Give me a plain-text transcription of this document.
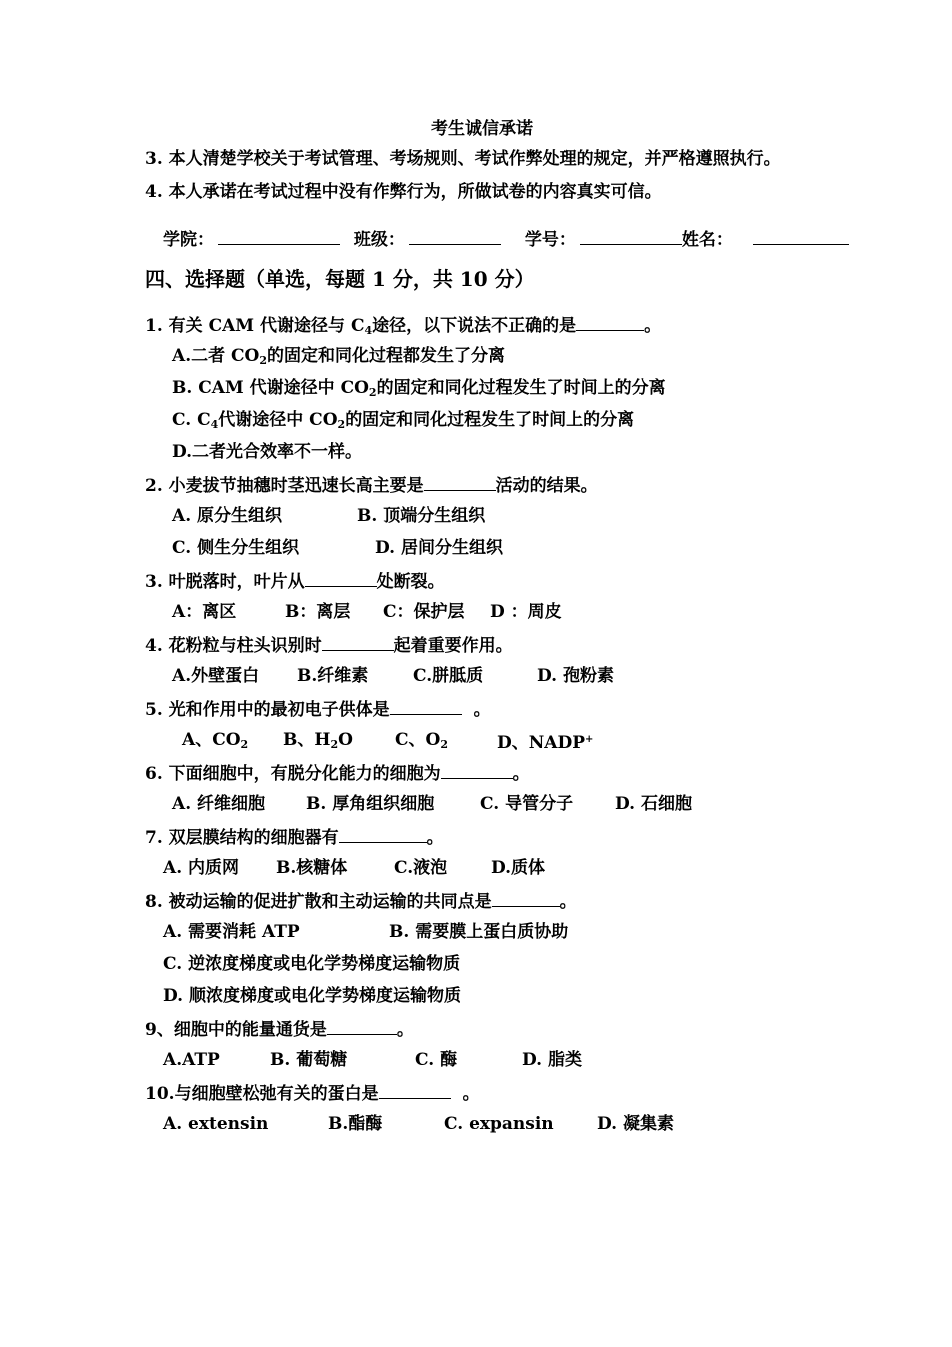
考生诚信承诺
3. 本人清楚学校关于考试管理、考场规则、考试作弊处理的规定，并严格遵照执行。
4. 本人承诺在考试过程中没有作弊行为，所做试卷的内容真实可信。
学院：	班级：	学号：	姓名：
四、选择题（单选，每题 1 分，共 10 分）
1. 有关 CAM 代谢途径与 $C_4$途径，以下说法不正确的是	。
A.二者 $CO_2$的固定和同化过程都发生了分离
B. CAM 代谢途径中 $CO_2$的固定和同化过程发生了时间上的分离
C. $C_4$代谢途径中 $CO_2$的固定和同化过程发生了时间上的分离
D.二者光合效率不一样。
2. 小麦拔节抽穗时茎迅速长高主要是	活动的结果。
A. 原分生组织	B. 顶端分生组织
C. 侧生分生组织	D. 居间分生组织
3. 叶脱落时，叶片从	处断裂。
A：离区	B：离层 C：保护层 D ：周皮
4. 花粉粒与柱头识别时	起着重要作用。
A.外壁蛋白 B.纤维素	C.胼胝质	D. 孢粉素
5. 光和作用中的最初电子供体是	。
A、$CO_2$ B、$H_2O$ C、$O_2$	D、NADP+
6. 下面细胞中，有脱分化能力的细胞为	。
A. 纤维细胞 B. 厚角组织细胞	C. 导管分子 D. 石细胞
7. 双层膜结构的细胞器有	。
A. 内质网 B.核糖体	C.液泡	D.质体
8. 被动运输的促进扩散和主动运输的共同点是	。
A. 需要消耗 ATP	B. 需要膜上蛋白质协助
C. 逆浓度梯度或电化学势梯度运输物质
D. 顺浓度梯度或电化学势梯度运输物质
9、细胞中的能量通货是	。
A.ATP	B. 葡萄糖	C. 酶	D. 脂类
10.与细胞壁松弛有关的蛋白是	。
A. extensin	B.酯酶	C. expansin	D. 凝集素
